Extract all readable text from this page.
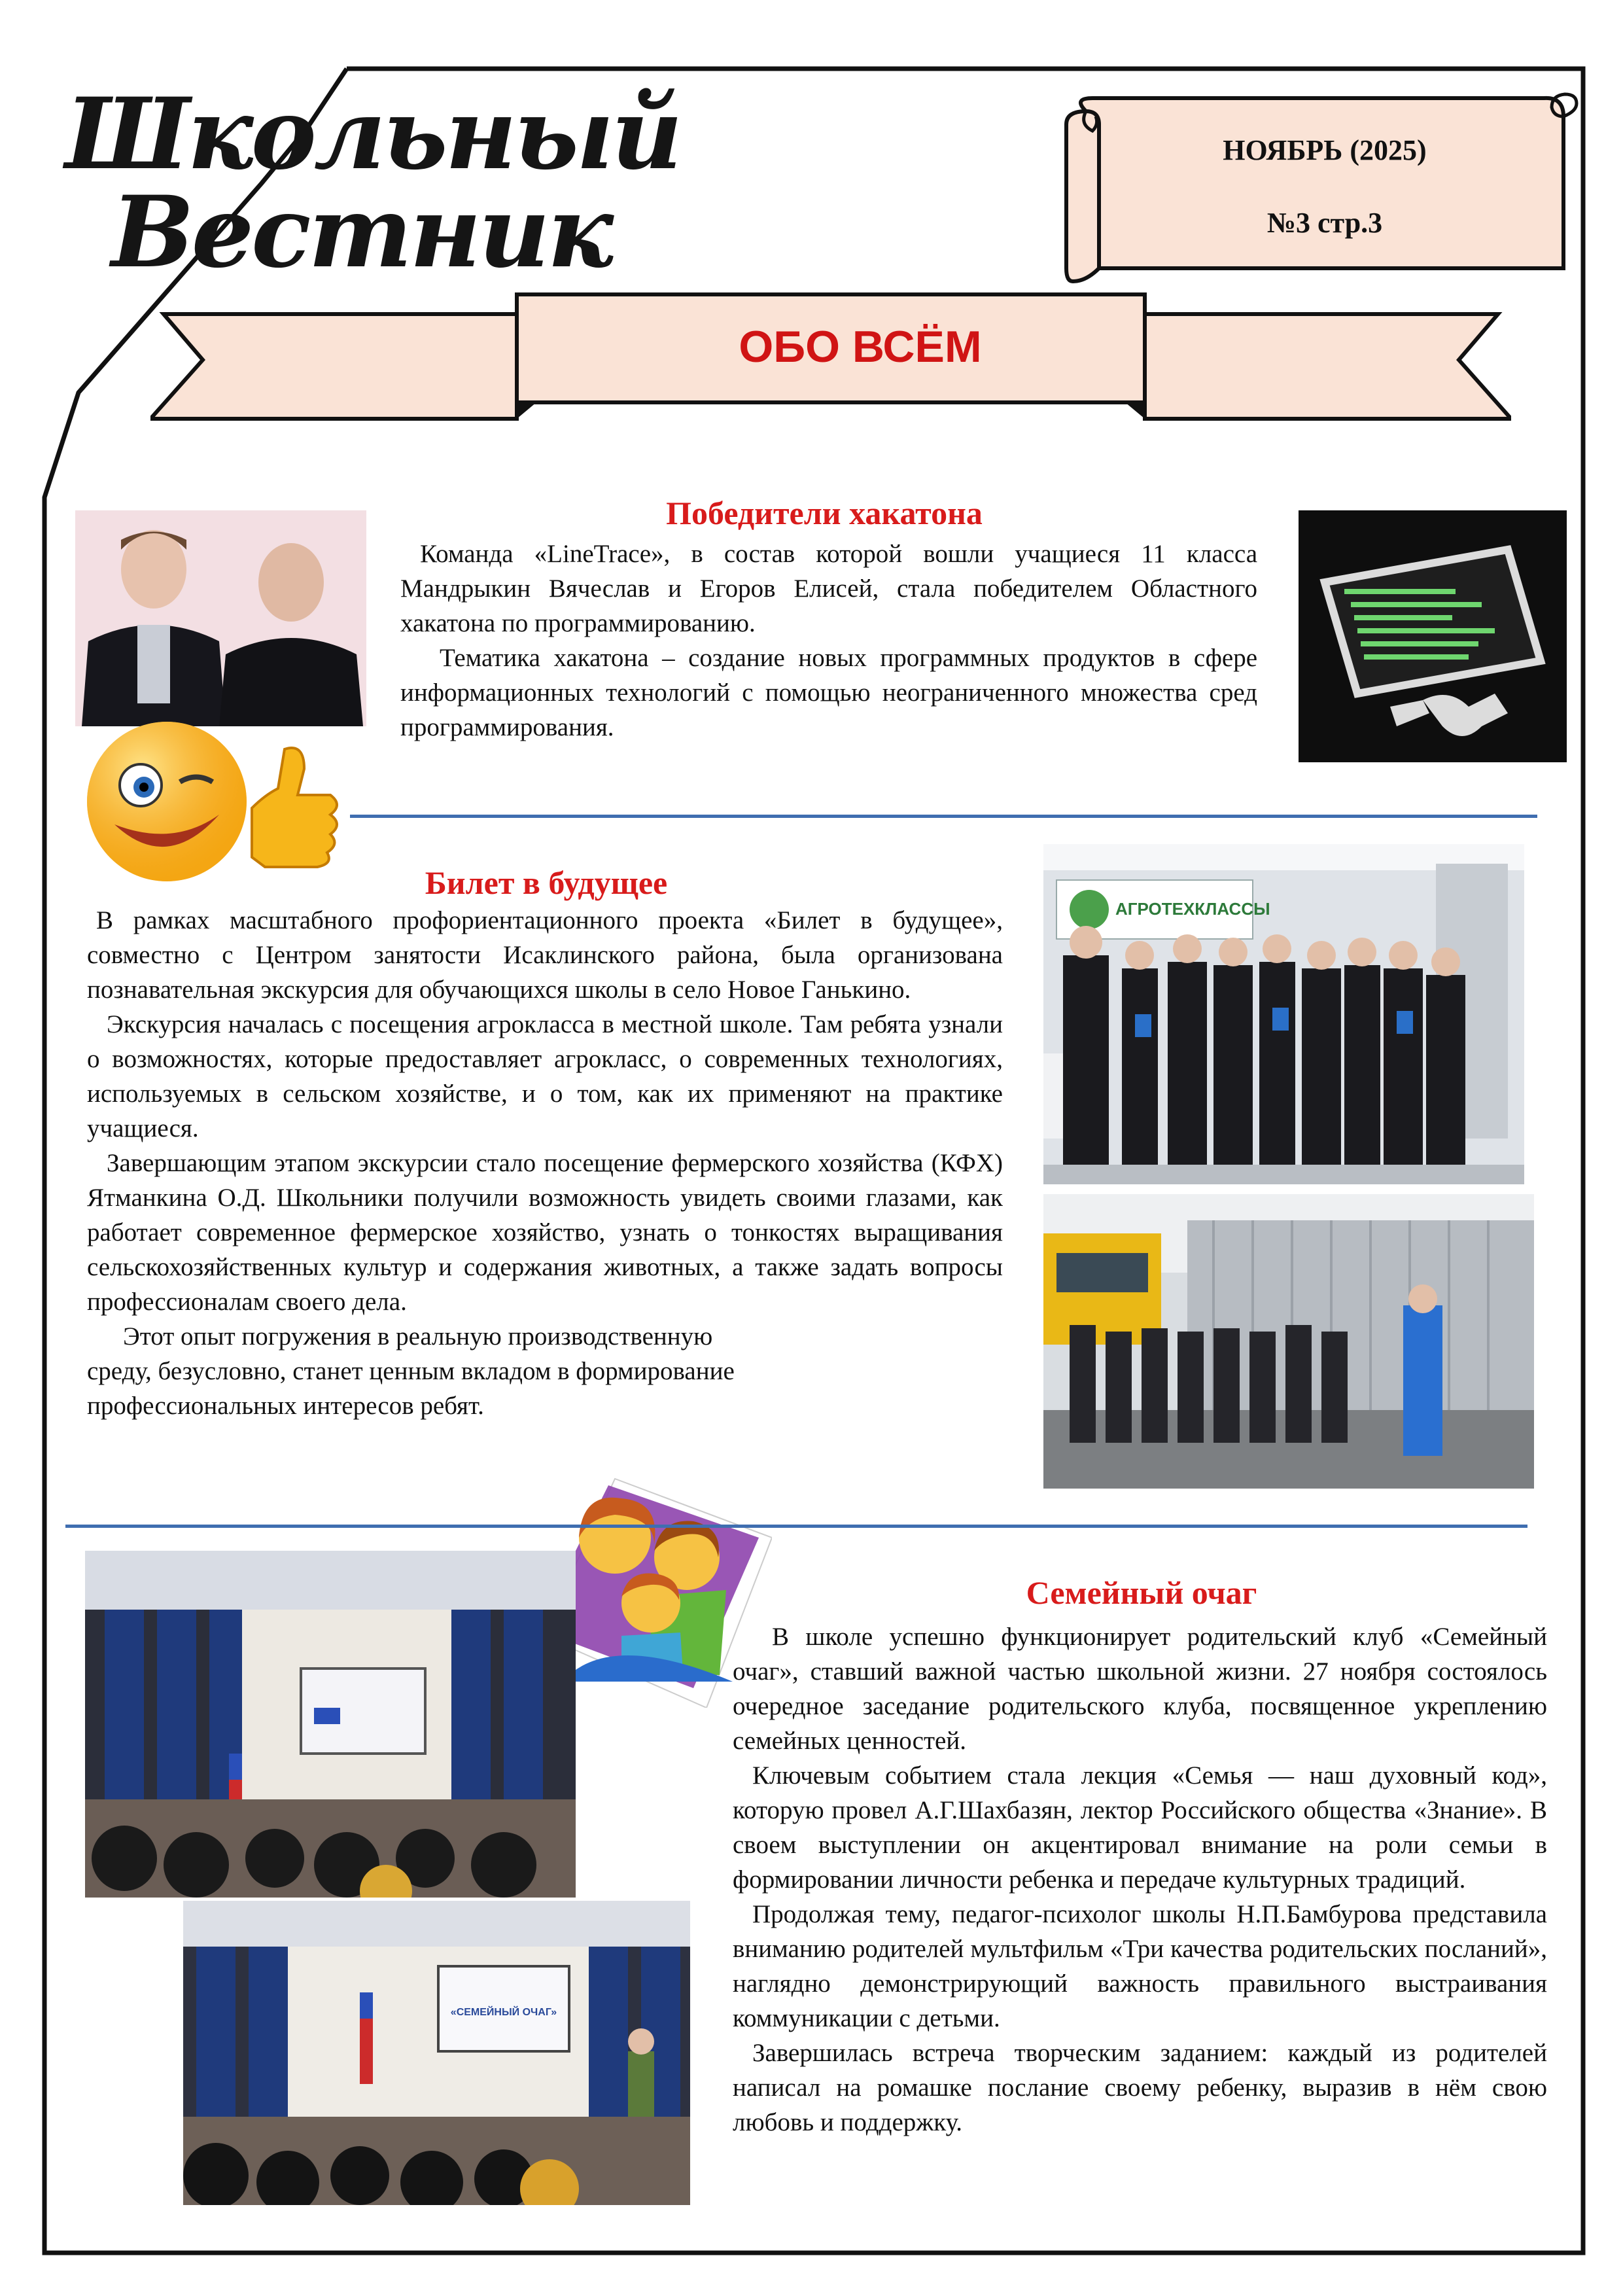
Школьный
Вестник
НОЯБРЬ (2025)
№3 стр.3
ОБО ВСЁМ
Победители хакатона

Команда «LineTrace», в состав которой вошли учащиеся 11 класса Мандрыкин Вячеслав и Егоров Елисей, стала победителем Областного хакатона по программированию.

Тематика хакатона – создание новых программных продуктов в сфере информационных технологий с помощью неограниченного множества сред программирования.

Билет в будущее

В рамках масштабного профориентационного проекта «Билет в будущее», совместно с Центром занятости Исаклинского района, была организована познавательная экскурсия для обучающихся школы в село Новое Ганькино.

Экскурсия началась с посещения агрокласса в местной школе. Там ребята узнали о возможностях, которые предоставляет агрокласс, о современных технологиях, используемых в сельском хозяйстве, и о том, как их применяют на практике учащиеся.

Завершающим этапом экскурсии стало посещение фермерского хозяйства (КФХ) Ятманкина О.Д. Школьники получили возможность увидеть своими глазами, как работает современное фермерское хозяйство, узнать о тонкостях выращивания сельскохозяйственных культур и содержания животных, а также задать вопросы профессионалам своего дела.

Этот опыт погружения в реальную производственную среду, безусловно, станет ценным вкладом в формирование профессиональных интересов ребят.

АГРОТЕХКЛАССЫ
«СЕМЕЙНЫЙ ОЧАГ»
Семейный очаг

В школе успешно функционирует родительский клуб «Семейный очаг», ставший важной частью школьной жизни. 27 ноября состоялось очередное заседание родительского клуба, посвященное укреплению семейных ценностей.

Ключевым событием стала лекция «Семья — наш духовный код», которую провел А.Г.Шахбазян, лектор Российского общества «Знание». В своем выступлении он акцентировал внимание на роли семьи в формировании личности ребенка и передаче культурных традиций.

Продолжая тему, педагог-психолог школы Н.П.Бамбурова представила вниманию родителей мультфильм «Три качества родительских посланий», наглядно демонстрирующий важность правильного выстраивания коммуникации с детьми.

Завершилась встреча творческим заданием: каждый из родителей написал на ромашке послание своему ребенку, выразив в нём свою любовь и поддержку.
